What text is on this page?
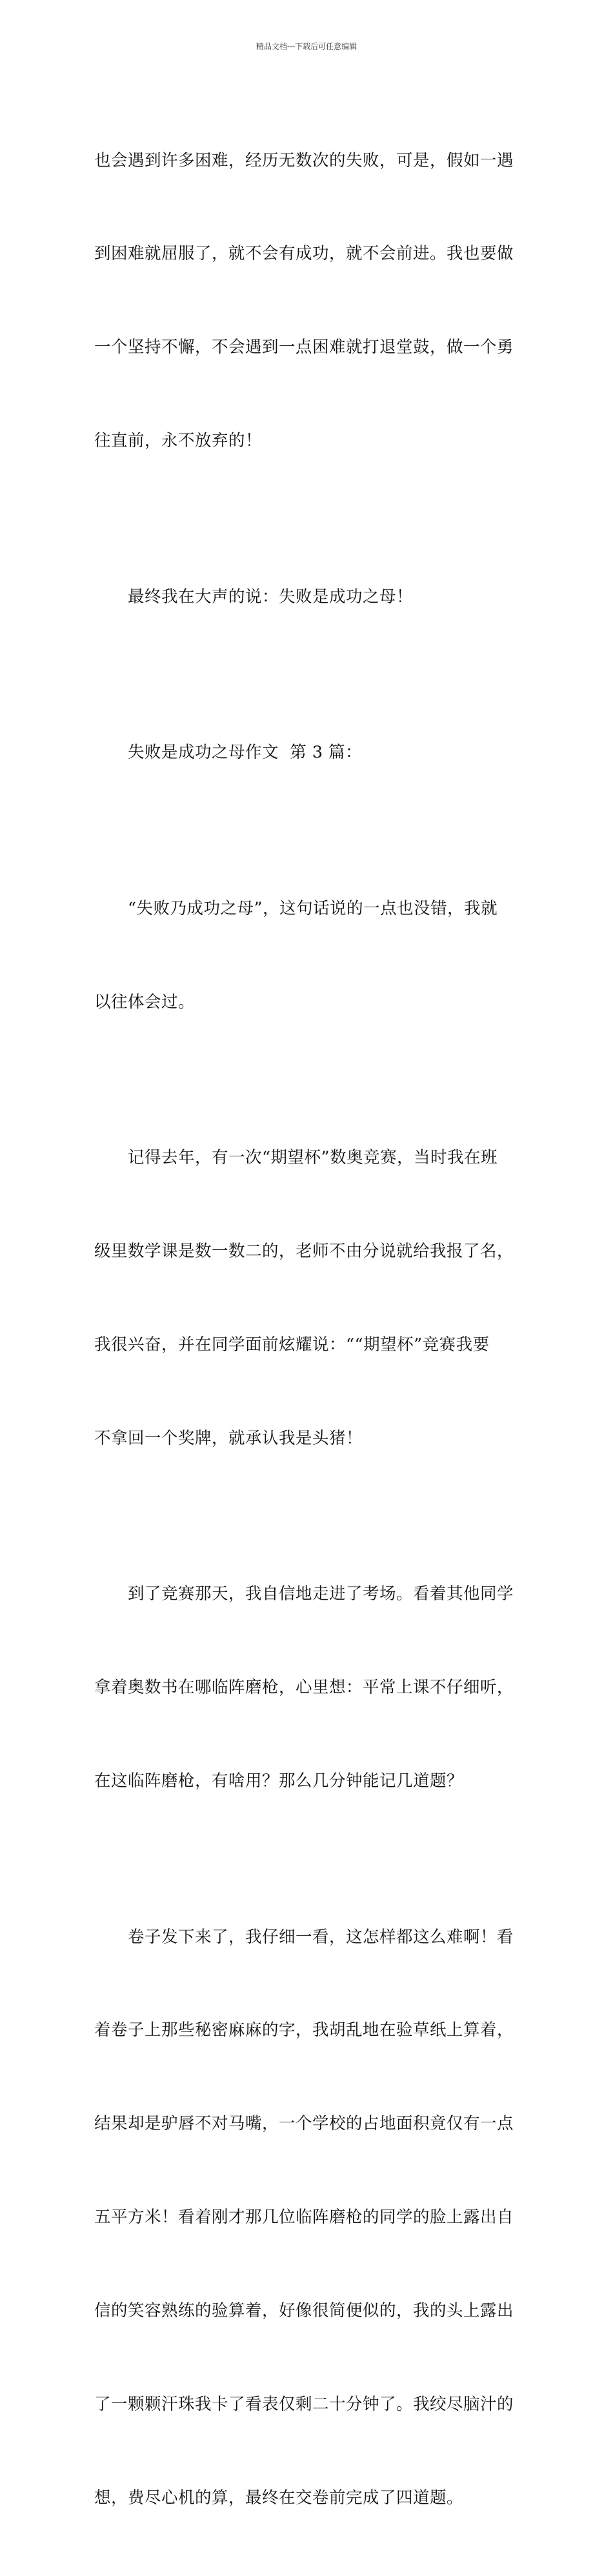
精品文档---下载后可任意编辑

也会遇到许多困难，经历无数次的失败，可是，假如一遇

到困难就屈服了，就不会有成功，就不会前进。我也要做

一个坚持不懈，不会遇到一点困难就打退堂鼓，做一个勇

往直前，永不放弃的！

　　最终我在大声的说：失败是成功之母！

　　失败是成功之母作文  第 3 篇：

　　“失败乃成功之母”，这句话说的一点也没错，我就

以往体会过。

　　记得去年，有一次“期望杯”数奥竞赛，当时我在班

级里数学课是数一数二的，老师不由分说就给我报了名，

我很兴奋，并在同学面前炫耀说：““期望杯”竞赛我要

不拿回一个奖牌，就承认我是头猪！

　　到了竞赛那天，我自信地走进了考场。看着其他同学

拿着奥数书在哪临阵磨枪，心里想：平常上课不仔细听，

在这临阵磨枪，有啥用？那么几分钟能记几道题？

　　卷子发下来了，我仔细一看，这怎样都这么难啊！看

着卷子上那些秘密麻麻的字，我胡乱地在验草纸上算着，

结果却是驴唇不对马嘴，一个学校的占地面积竟仅有一点

五平方米！看着刚才那几位临阵磨枪的同学的脸上露出自

信的笑容熟练的验算着，好像很简便似的，我的头上露出

了一颗颗汗珠我卡了看表仅剩二十分钟了。我绞尽脑汁的

想，费尽心机的算，最终在交卷前完成了四道题。
